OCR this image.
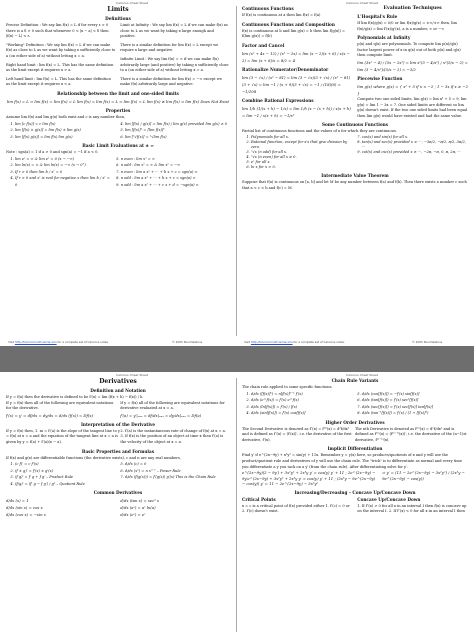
Calculus Cheat Sheet	Calculus Cheat Sheet
Limits
Definitions

Precise Definition : We say lim f(x) = L if for every ε > 0 there is a δ > 0 such that whenever 0 < |x − a| < δ then |f(x) − L| < ε.

"Working" Definition : We say lim f(x) = L if we can make f(x) as close to L as we want by taking x sufficiently close to a (on either side of a) without letting x = a.

Right hand limit : lim f(x) = L. This has the same definition as the limit except it requires x > a.

Left hand limit : lim f(x) = L. This has the same definition as the limit except it requires x < a.

Limit at Infinity : We say lim f(x) = L if we can make f(x) as close to L as we want by taking x large enough and positive.

There is a similar definition for lim f(x) = L except we require x large and negative.

Infinite Limit : We say lim f(x) = ∞ if we can make f(x) arbitrarily large (and positive) by taking x sufficiently close to a (on either side of a) without letting x = a.

There is a similar definition for lim f(x) = −∞ except we make f(x) arbitrarily large and negative.

Relationship between the limit and one-sided limits

lim f(x) = L ⇒ lim f(x) = lim f(x) = L lim f(x) = lim f(x) = L ⇒ lim f(x) = L lim f(x) ≠ lim f(x) ⇒ lim f(x) Does Not Exist

Properties

Assume lim f(x) and lim g(x) both exist and c is any number then,

1. lim [c f(x)] = c lim f(x)
2. lim [f(x) ± g(x)] = lim f(x) ± lim g(x)
3. lim [f(x) g(x)] = lim f(x) lim g(x)
4. lim [f(x) / g(x)] = lim f(x) / lim g(x) provided lim g(x) ≠ 0
5. lim [f(x)]ⁿ = [lim f(x)]ⁿ
6. lim [ⁿ√f(x)] = ⁿ√lim f(x)
Basic Limit Evaluations at ± ∞

Note : sgn(a) = 1 if a > 0 and sgn(a) = −1 if a < 0.

1. lim eˣ = ∞ & lim eˣ = 0 (x → −∞)
2. lim ln(x) = ∞ & lim ln(x) = −∞ (x → 0⁺)
3. If r > 0 then lim b / xʳ = 0
4. If r > 0 and xʳ is real for negative x then lim b / xʳ = 0
5. n even : lim xⁿ = ∞
6. n odd : lim xⁿ = ∞ & lim xⁿ = −∞
7. n even : lim a xⁿ + ··· + b x + c = sgn(a) ∞
8. n odd : lim a xⁿ + ··· + b x + c = sgn(a) ∞
9. n odd : lim a xⁿ + ··· + c x + d = −sgn(a) ∞
Continuous Functions

If f(x) is continuous at a then lim f(x) = f(a)

Continuous Functions and Composition

f(x) is continuous at b and lim g(x) = b then lim f(g(x)) = f(lim g(x)) = f(b)

Factor and Cancel

lim (x² + 4x − 12) / (x² − 2x) = lim (x − 2)(x + 6) / x(x − 2) = lim (x + 6)/x = 8/2 = 4

Rationalize Numerator/Denominator

lim (3 − √x) / (x² − 81) = lim (3 − √x)(3 + √x) / (x² − 81)(3 + √x) = lim −1 / (x + 9)(3 + √x) = −1 / (18)(6) = −1/108

Combine Rational Expressions

lim 1/h (1/(x + h) − 1/x) = lim 1/h (x − (x + h)) / x(x + h) = lim −1 / x(x + h) = −1/x²

Evaluation Techniques
L'Hospital's Rule

If lim f(x)/g(x) = 0/0 or lim f(x)/g(x) = ±∞/±∞ then, lim f(x)/g(x) = lim f′(x)/g′(x), a is a number, ∞ or −∞

Polynomials at Infinity

p(x) and q(x) are polynomials. To compute lim p(x)/q(x) factor largest power of x in q(x) out of both p(x) and q(x) then compute limit.

lim (3x² − 4) / (5x − 2x²) = lim x²(3 − 4/x²) / x²(5/x − 2) = lim (3 − 4/x²)/(5/x − 2) = −3/2

Piecewise Function

lim g(x) where g(x) = { x² + 5 if x < −2 ; 1 − 3x if x ≥ −2 }

Compute two one sided limits, lim g(x) = lim x² + 5 = 9, lim g(x) = lim 1 − 3x = 7. One sided limits are different so lim g(x) doesn't exist. If the two one sided limits had been equal then lim g(x) would have existed and had the same value.

Some Continuous Functions

Partial list of continuous functions and the values of x for which they are continuous.

1. Polynomials for all x.
2. Rational function, except for x's that give division by zero.
3. ⁿ√x (n odd) for all x.
4. ⁿ√x (n even) for all x ≥ 0.
5. eˣ for all x.
6. ln x for x > 0.
7. cos(x) and sin(x) for all x.
8. tan(x) and sec(x) provided x ≠ ···, −3π/2, −π/2, π/2, 3π/2, ···
9. cot(x) and csc(x) provided x ≠ ···, −2π, −π, 0, π, 2π, ···
Intermediate Value Theorem

Suppose that f(x) is continuous on [a, b] and let M be any number between f(a) and f(b). Then there exists a number c such that a < c < b and f(c) = M.

Visit http://tutorial.math.lamar.edu for a complete set of Calculus notes.	© 2005 Paul Dawkins	Visit http://tutorial.math.lamar.edu for a complete set of Calculus notes.	© 2005 Paul Dawkins
Calculus Cheat Sheet	Calculus Cheat Sheet
Derivatives
Definition and Notation

If y = f(x) then the derivative is defined to be f′(x) = lim (f(x + h) − f(x)) / h.

If y = f(x) then all of the following are equivalent notations for the derivative.

f′(x) = y′ = df/dx = dy/dx = d/dx (f(x)) = Df(x)

If y = f(x) all of the following are equivalent notations for derivative evaluated at x = a.

f′(a) = y′|ₓ₌ₐ = df/dx|ₓ₌ₐ = dy/dx|ₓ₌ₐ = Df(a)

Interpretation of the Derivative

If y = f(x) then, 1. m = f′(a) is the slope of the tangent line to y = f(x) at x = a and the equation of the tangent line at x = a is given by y = f(a) + f′(a)(x − a).

2. f′(a) is the instantaneous rate of change of f(x) at x = a. 3. If f(x) is the position of an object at time x then f′(a) is the velocity of the object at x = a.

Basic Properties and Formulas

If f(x) and g(x) are differentiable functions (the derivative exists), c and n are any real numbers,

1. (c f)′ = c f′(x)
2. (f ± g)′ = f′(x) ± g′(x)
3. (f g)′ = f′ g + f g′ – Product Rule
4. (f/g)′ = (f′ g − f g′) / g² – Quotient Rule
5. d/dx (c) = 0
6. d/dx (xⁿ) = n xⁿ⁻¹ – Power Rule
7. d/dx (f(g(x))) = f′(g(x)) g′(x) This is the Chain Rule
Common Derivatives

d/dx (x) = 1

d/dx (sin x) = cos x

d/dx (cos x) = −sin x

d/dx (tan x) = sec² x

d/dx (aˣ) = aˣ ln(a)

d/dx (eˣ) = eˣ

Chain Rule Variants

The chain rule applied to some specific functions.

1. d/dx ([f(x)]ⁿ) = n[f(x)]ⁿ⁻¹ f′(x)
2. d/dx (e^f(x)) = f′(x) e^f(x)
3. d/dx (ln[f(x)]) = f′(x) / f(x)
4. d/dx (sin[f(x)]) = f′(x) cos[f(x)]
5. d/dx (cos[f(x)]) = −f′(x) sin[f(x)]
6. d/dx (tan[f(x)]) = f′(x) sec²[f(x)]
7. d/dx (sec[f(x)]) = f′(x) sec[f(x)] tan[f(x)]
8. d/dx (tan⁻¹[f(x)]) = f′(x) / (1 + [f(x)]²)
Higher Order Derivatives

The Second Derivative is denoted as f″(x) = f⁽²⁾(x) = d²f/dx² and is defined as f″(x) = (f′(x))′, i.e. the derivative of the first derivative, f′(x).

The nth Derivative is denoted as f⁽ⁿ⁾(x) = dⁿf/dxⁿ and is defined as f⁽ⁿ⁾(x) = (f⁽ⁿ⁻¹⁾(x))′, i.e. the derivative of the (n−1)st derivative, f⁽ⁿ⁻¹⁾(x).

Implicit Differentiation

Find y′ if e^(2x−9y) + x³y² = sin(y) + 11x. Remember y = y(x) here, so products/quotients of x and y will use the product/quotient rule and derivatives of y will use the chain rule. The "trick" is to differentiate as normal and every time you differentiate a y you tack on a y′ (from the chain rule). After differentiating solve for y′.

e^(2x−9y)(2 − 9y′) + 3x²y² + 2x³y y′ = cos(y) y′ + 11 ; 2e^(2x−9y) − 9y′e^(2x−9y) + 3x²y² + 2x³y y′ = cos(y) y′ + 11 ; (2x³y − 9e^(2x−9y) − cos(y)) y′ = 11 − 2e^(2x−9y) − 3x²y²

⇒ y′ = (11 − 2e^(2x−9y) − 3x²y²) / (2x³y − 9e^(2x−9y) − cos(y))

Increasing/Decreasing – Concave Up/Concave Down
Critical Points

x = c is a critical point of f(x) provided either 1. f′(c) = 0 or 2. f′(c) doesn't exist.

Concave Up/Concave Down

1. If f″(x) > 0 for all x in an interval I then f(x) is concave up on the interval I. 2. If f″(x) < 0 for all x in an interval I then
